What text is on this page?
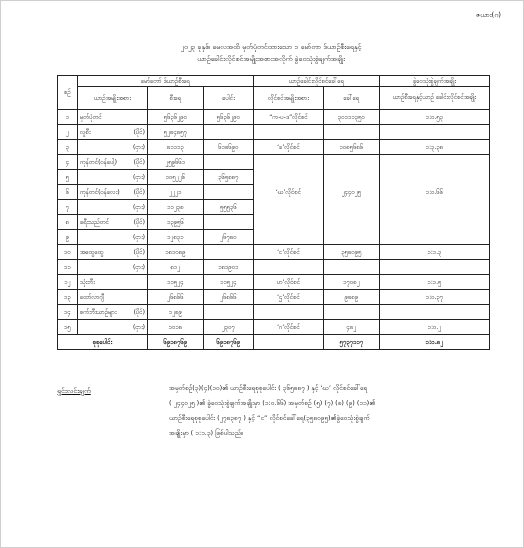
ဇယား(ဂ)
၂၀၂၃ ခုနှစ်၊ မေလအထိ မှတ်ပုံတင်ထားသော ၁ မော်တာ ဒ်ယာဥ်စီးရေနှင့်
ယာဥ်ခေါင်းလိုင်စင်အမျိုးအစားအလိုက် ခွဲဝေသုံးစွဲချက်အချိုး
စဥ်	မော်တော် ဒ်ယာဥ်စီးရေ			ယာဥ်ခေါင်းလိုင်စင်ခေါ်ရေ		ခွဲဝေသုံးစွဲချက်အချိုး
	ယာဥ်အမျိုးအစား	စီးရေ	ပေါင်း	လိုင်စင်အမျိုးအစား	ခေါ်ရေ	ယာဥ်စီးရေနှင့်ယာဥ် ခေါင်းလိုင်စင်အချိုး
၁	မှတ်ပုံတင်	၅၆၃၆၂၉၀	၅၆၃၆၂၉၀	“က-ပ-ဒ”လိုင်စင်	၃၀၁၁၁၃၅၀	၁:၀.၅၃
၂	လူစီး (ပိုင်)	၅၂၈၄၈၅၇				
၃	(ငှား)	၈၁၁၁၃	၆၁၈၆၉၀	‘ခ’လိုင်စင်	၁၀၈၅၆၈၆	၁:၃.၃၈
၄	ကုန်တင်(ဝန်ပေါ့) (ပိုင်)	၂၅၉၆၆၁				
၅	(ငှား)	၁၀၅၂၂၆	၃၆၅၈၈၇			
၆	ကုန်တင်(ဝန်လေး) (ပိုင်)	၂၂၂၁		‘ဃ’လိုင်စင်	၂၄၄၀၂၅	၁:၀.၆၆
၇	(ငှား)	၁၁၂၃၈	၅၅၅၃၆			
၈	ခရီးသည်တင် (ပိုင်)	၁၃၉၅၆				
၉	(ငှား)	၁၂၈၃၁	၂၆၇၈၀			
၁၀	အထွေထွေ (ပိုင်)	၁၈၁၀၈၉		‘င’လိုင်စင်	၃၅၈၀၉၅	၁:၁.၃
၁၁	(ငှား)	၈၁၂	၁၈၁၉၀၁			
၁၂	သုံးဘီး	၁၁၅၂၄	၁၁၅၂၄	ဟ’လိုင်စင်	၁၇၀၈၂	၁:၁.၅
၁၃	ထော်လာဂျီ	၂၆၈၆၆	၂၆၈၆၆	‘ဌ’လိုင်စင်	၉၈၈၉	၁:၀.၃၇
၁၄	စက်ဘီးယာဥ်များ (ပိုင်)	၁၂၈၉				
၁၅	(ငှား)	၁၀၁၈	၂၃၀၇	‘ဂ’လိုင်စင်	၄၈၂	၁:၀.၂
စုစုပေါင်း		၆၉၁၈၇၆၉	၆၉၁၈၇၆၉		၅၇၃၇၁၁၇	၁:၀.၈၂
ရှင်းလင်းချက်	အမှတ်စဉ်(၃)(၄)(၁၀)၏ ယာဥ်စီးရေစုစုပေါင်း ( ၃၆၅၈၈၇ ) နှင့် ‘ဃ’ လိုင်စင်ခေါ်ရေ
( ၂၄၄၀၂၅ )၏ ခွဲဝေသုံးစွဲချက်အချိုးမှာ (၁:၀.၆၆) အမှတ်စဉ် (၅) (၇) (၈) (၉) (၁၁)၏
ယာဥ်စီးရေစုစုပေါင်း (၂၇၈၃၈၇ ) နှင့် “င” လိုင်စင်ခေါ်ရေ(၃၅၈၀၉၅)၏ခွဲဝေသုံးစွဲချက်
အချိုးမှာ ( ၁:၁.၃) ဖြစ်ပါသည်။
